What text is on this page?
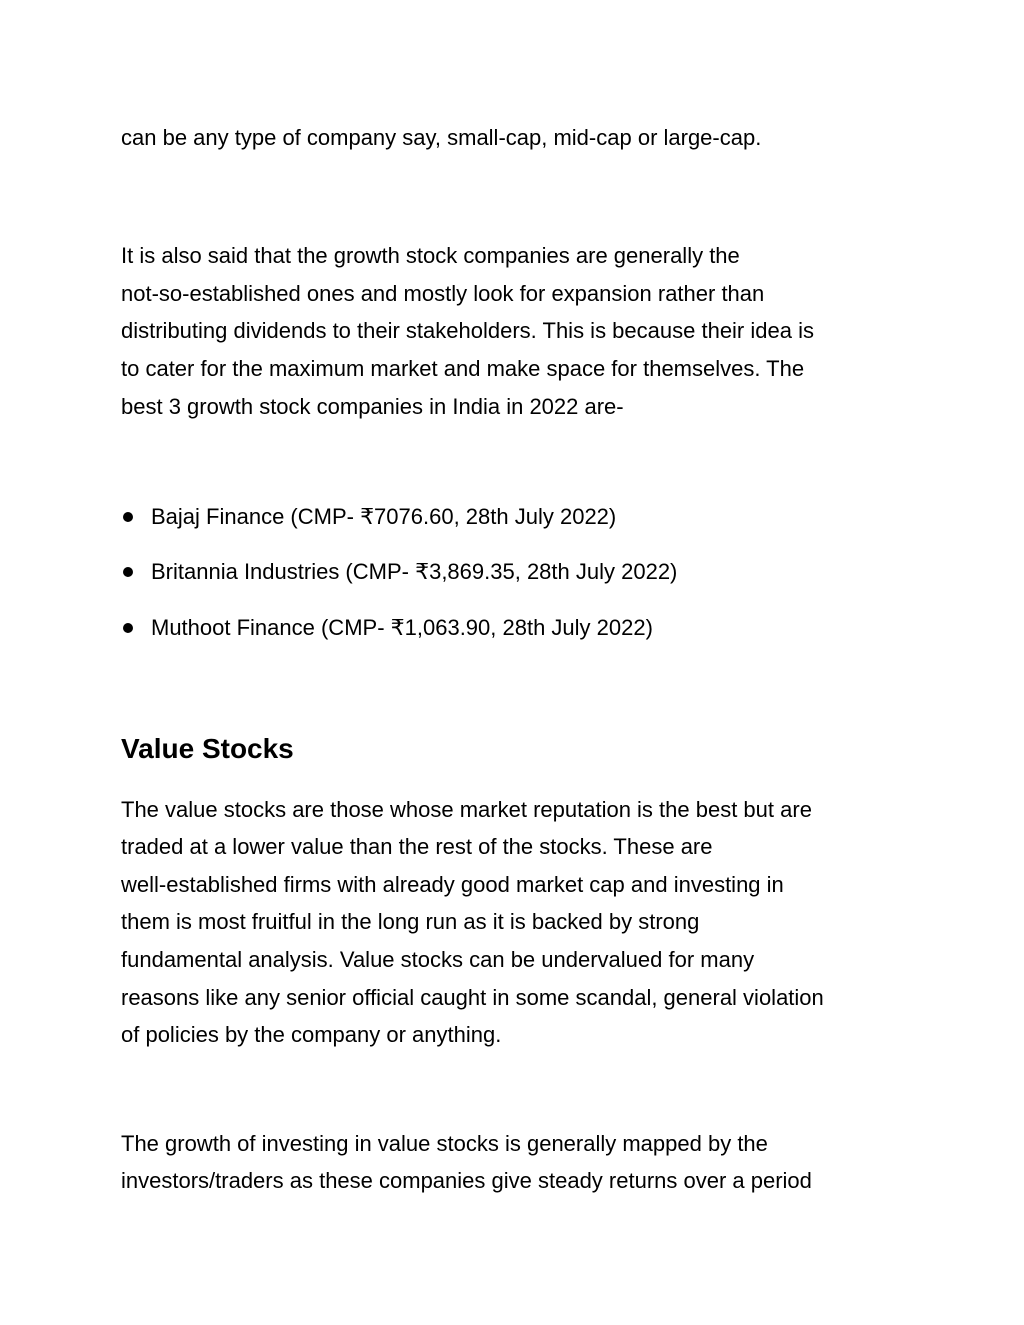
can be any type of company say, small-cap, mid-cap or large-cap.
It is also said that the growth stock companies are generally the
not-so-established ones and mostly look for expansion rather than
distributing dividends to their stakeholders. This is because their idea is
to cater for the maximum market and make space for themselves. The
best 3 growth stock companies in India in 2022 are-
Bajaj Finance (CMP- ₹7076.60, 28th July 2022)
Britannia Industries (CMP- ₹3,869.35, 28th July 2022)
Muthoot Finance (CMP- ₹1,063.90, 28th July 2022)
Value Stocks
The value stocks are those whose market reputation is the best but are
traded at a lower value than the rest of the stocks. These are
well-established firms with already good market cap and investing in
them is most fruitful in the long run as it is backed by strong
fundamental analysis. Value stocks can be undervalued for many
reasons like any senior official caught in some scandal, general violation
of policies by the company or anything.
The growth of investing in value stocks is generally mapped by the
investors/traders as these companies give steady returns over a period
